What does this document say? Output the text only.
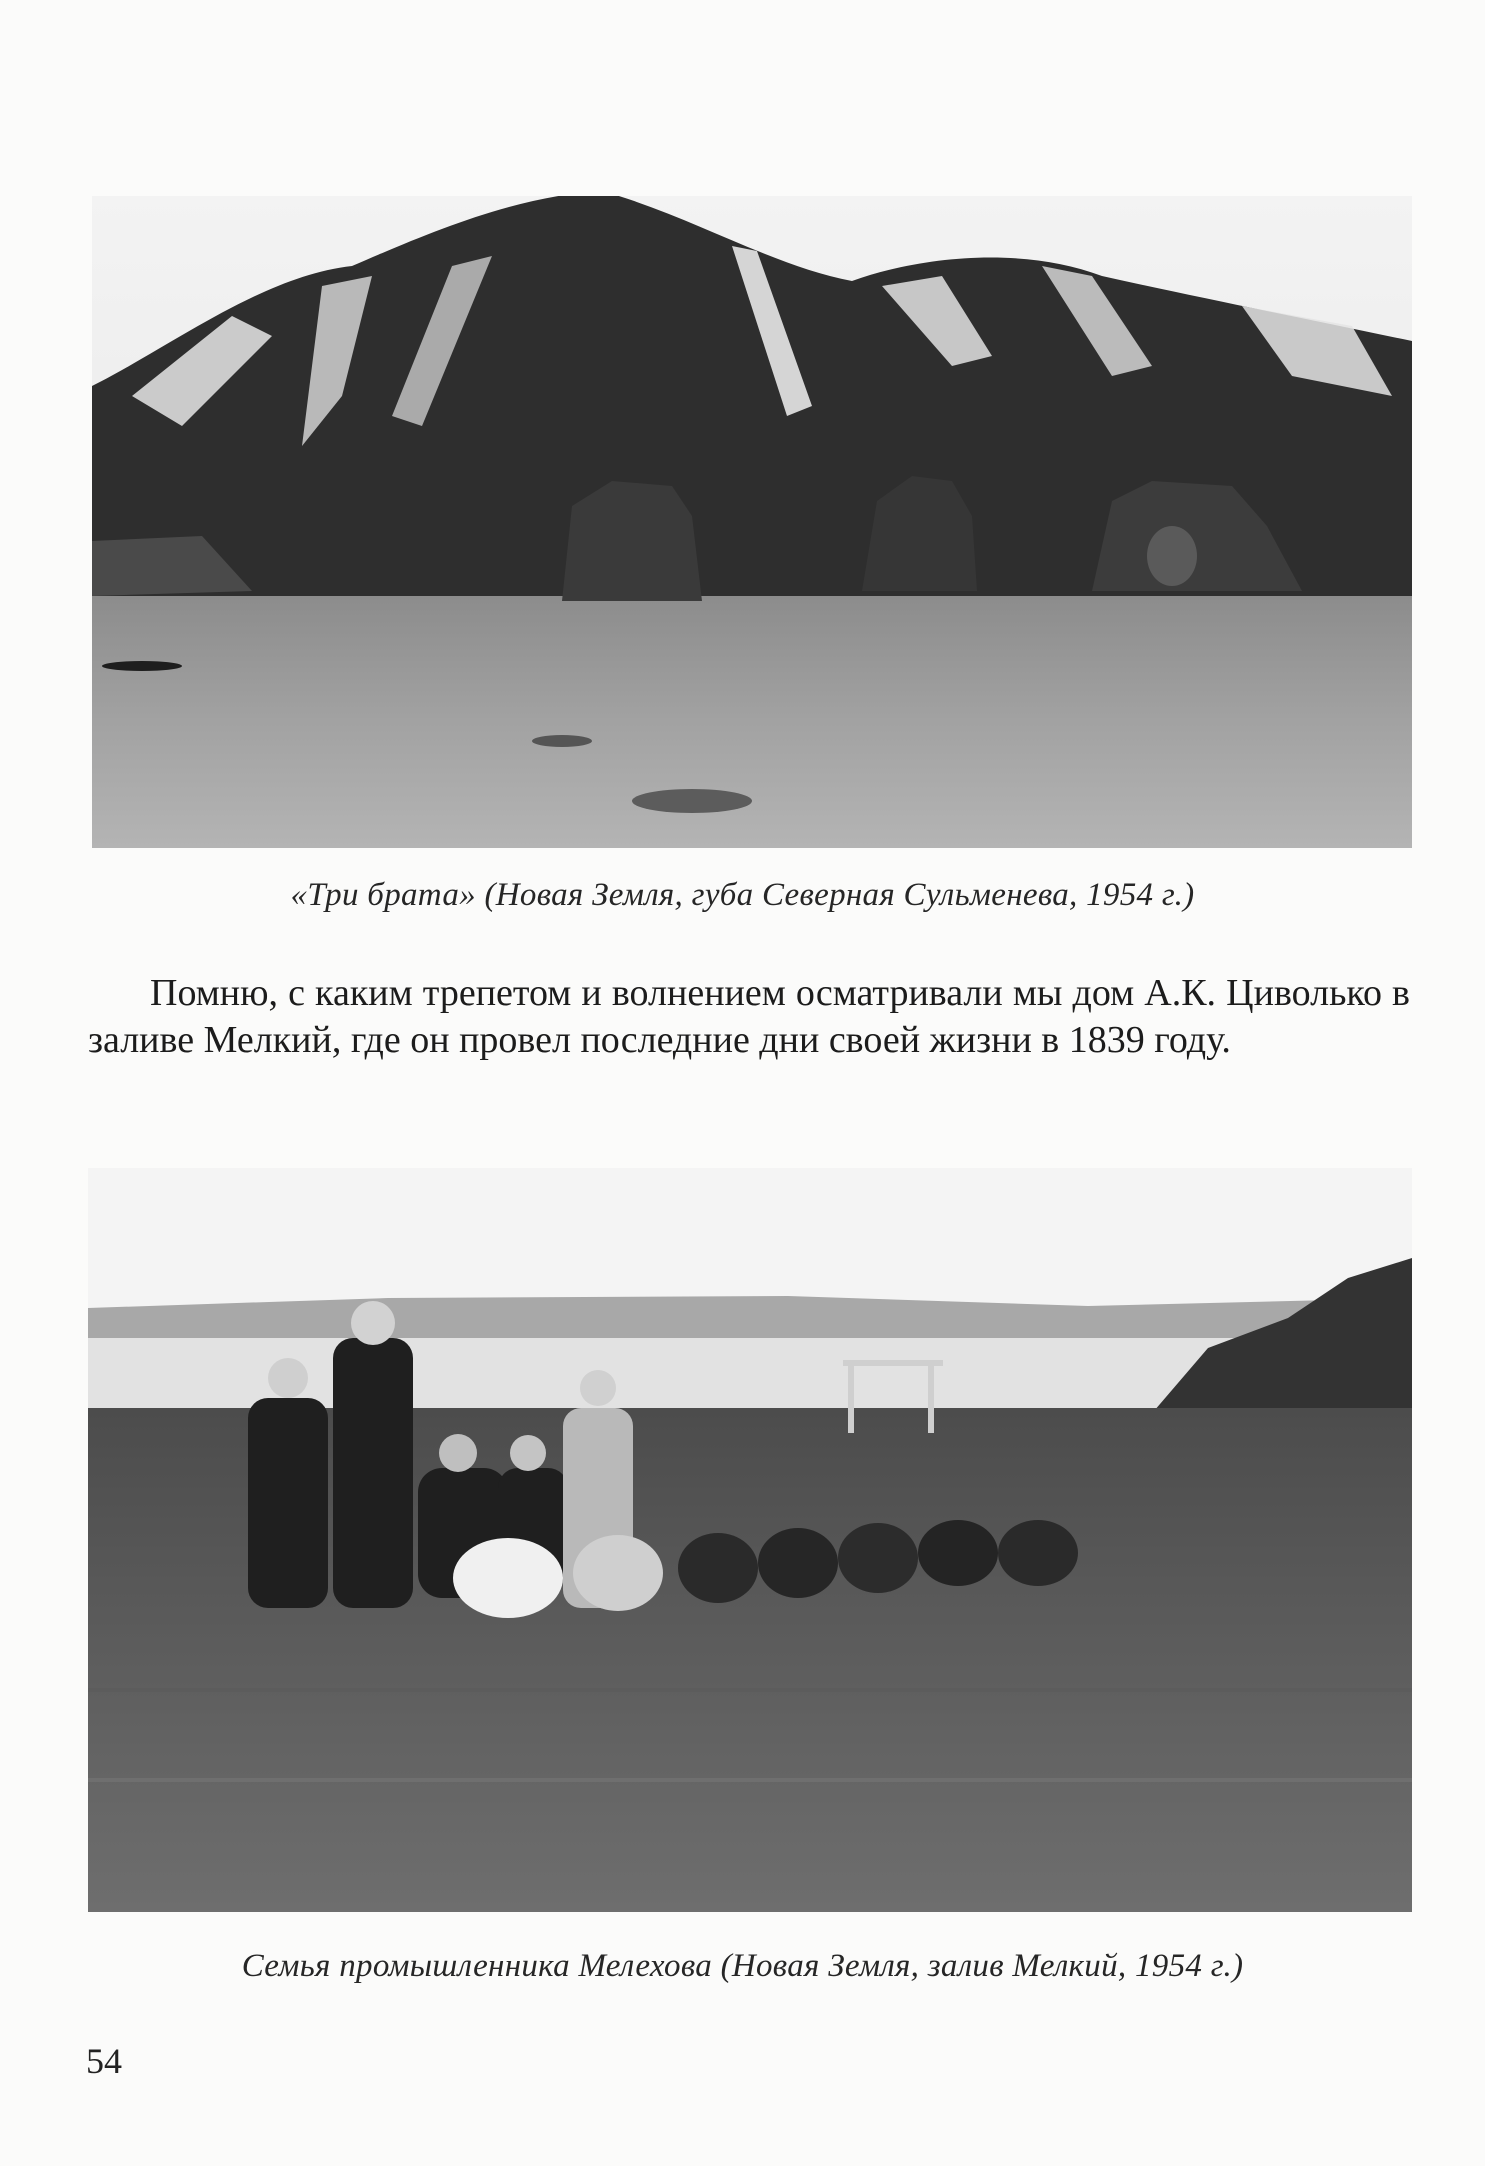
«Три брата» (Новая Земля, губа Северная Сульменева, 1954 г.)

Помню, с каким трепетом и волнением осматривали мы дом А.К. Циволько в заливе Мелкий, где он провел последние дни своей жизни в 1839 году.

Семья промышленника Мелехова (Новая Земля, залив Мелкий, 1954 г.)
54
